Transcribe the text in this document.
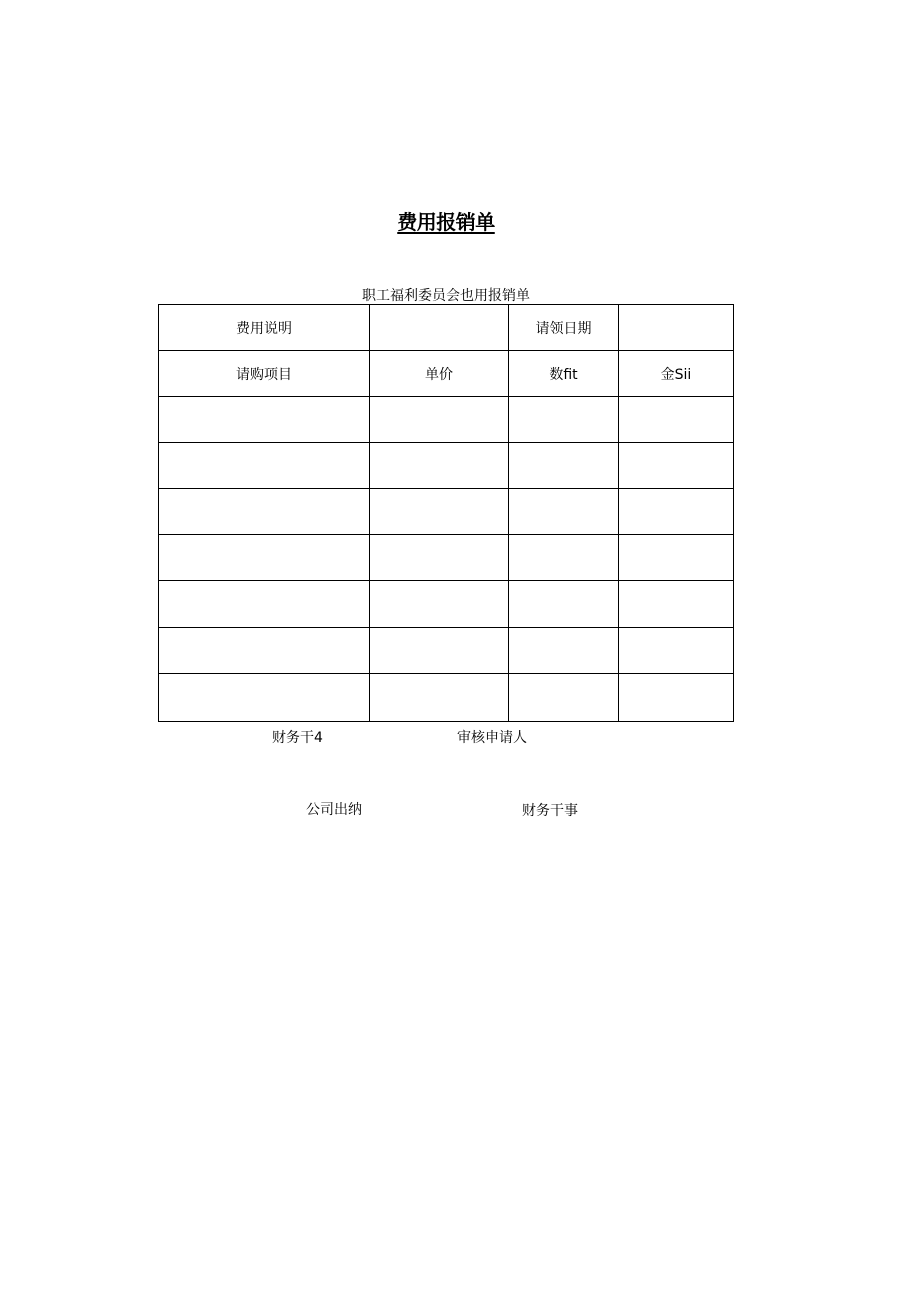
费用报销单
职工福利委员会也用报销单
费用说明		请领日期	
请购项目	单价	数fit	金Sii

财务干4	审核申请人
公司出纳	财务干事
